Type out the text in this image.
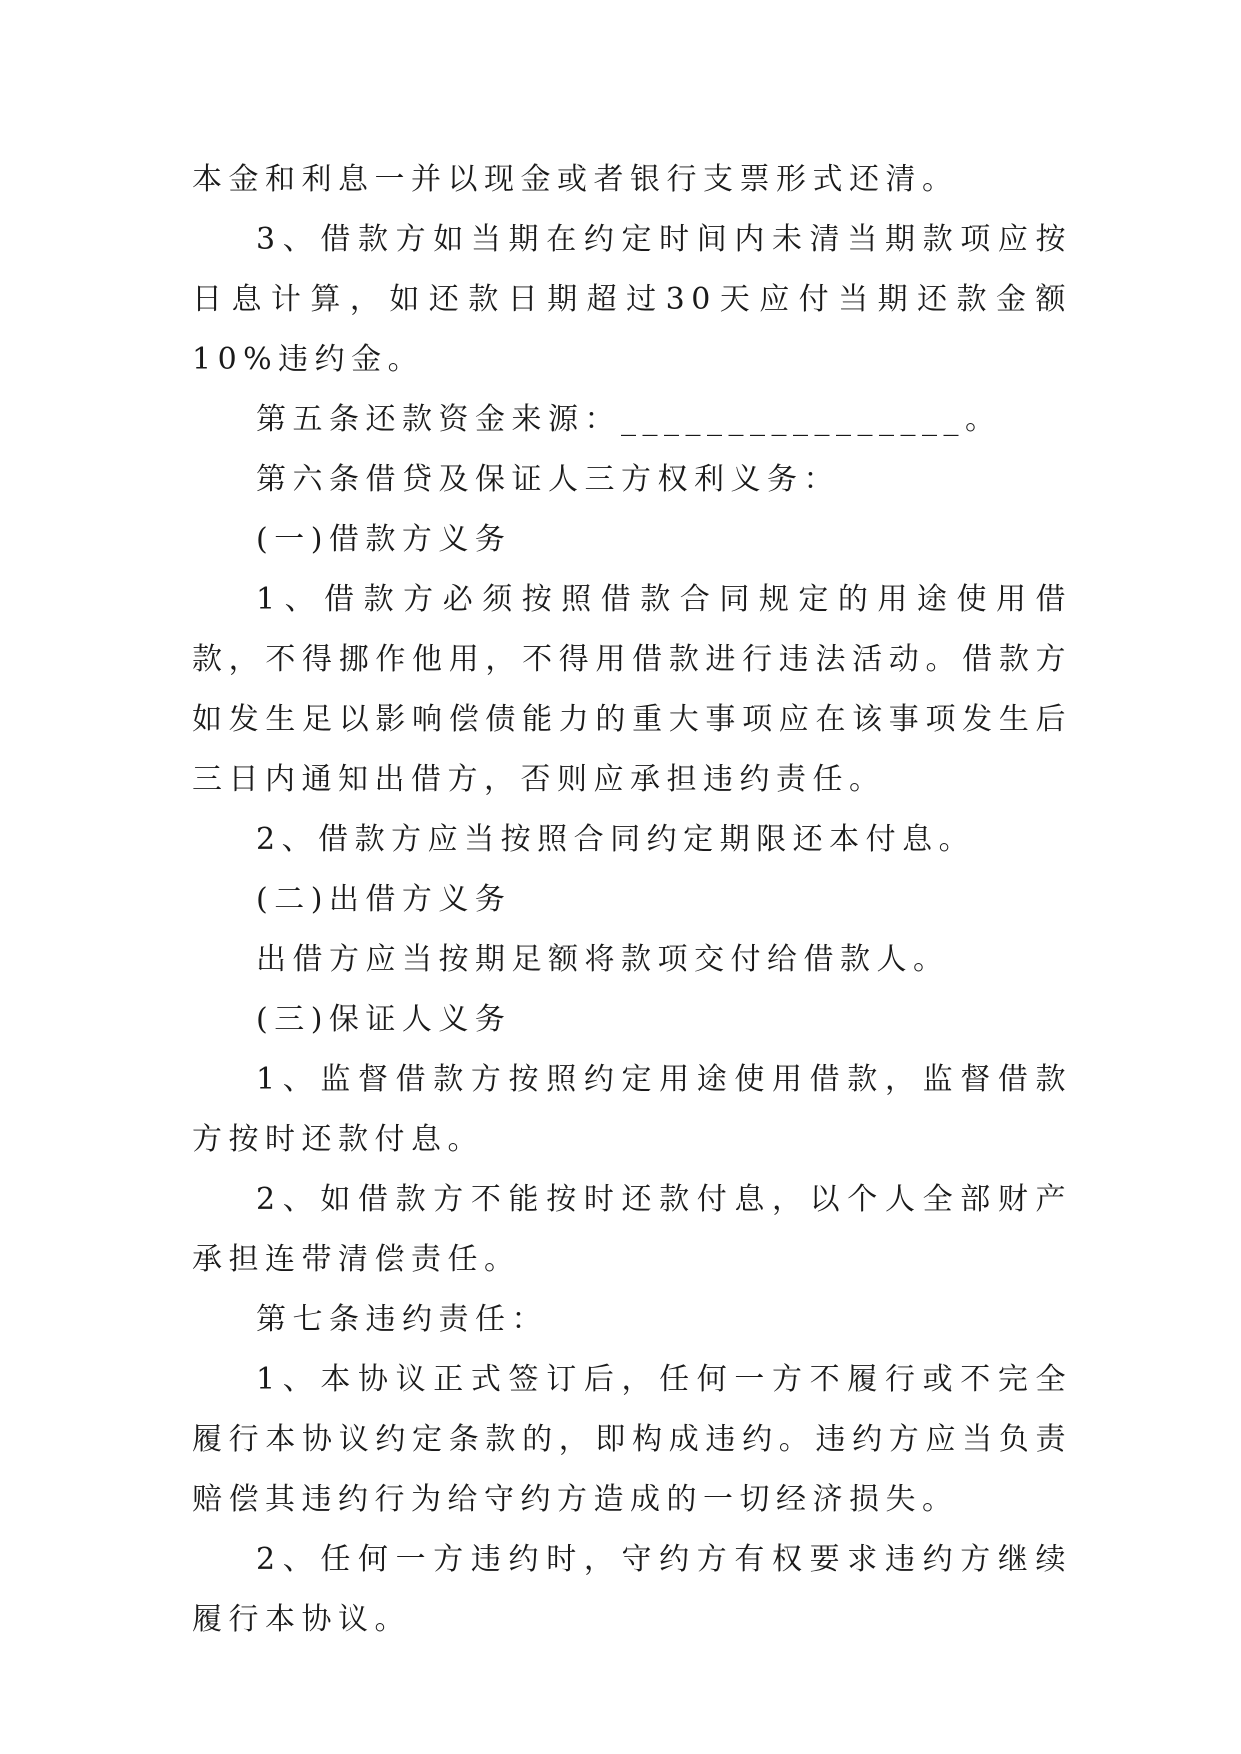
本金和利息一并以现金或者银行支票形式还清。

3、借款方如当期在约定时间内未清当期款项应按日息计算，如还款日期超过30天应付当期还款金额10%违约金。

第五条还款资金来源：________________。

第六条借贷及保证人三方权利义务：

(一)借款方义务

1、借款方必须按照借款合同规定的用途使用借款，不得挪作他用，不得用借款进行违法活动。借款方如发生足以影响偿债能力的重大事项应在该事项发生后三日内通知出借方，否则应承担违约责任。

2、借款方应当按照合同约定期限还本付息。

(二)出借方义务

出借方应当按期足额将款项交付给借款人。

(三)保证人义务

1、监督借款方按照约定用途使用借款，监督借款方按时还款付息。

2、如借款方不能按时还款付息，以个人全部财产承担连带清偿责任。

第七条违约责任：

1、本协议正式签订后，任何一方不履行或不完全履行本协议约定条款的，即构成违约。违约方应当负责赔偿其违约行为给守约方造成的一切经济损失。

2、任何一方违约时，守约方有权要求违约方继续履行本协议。
